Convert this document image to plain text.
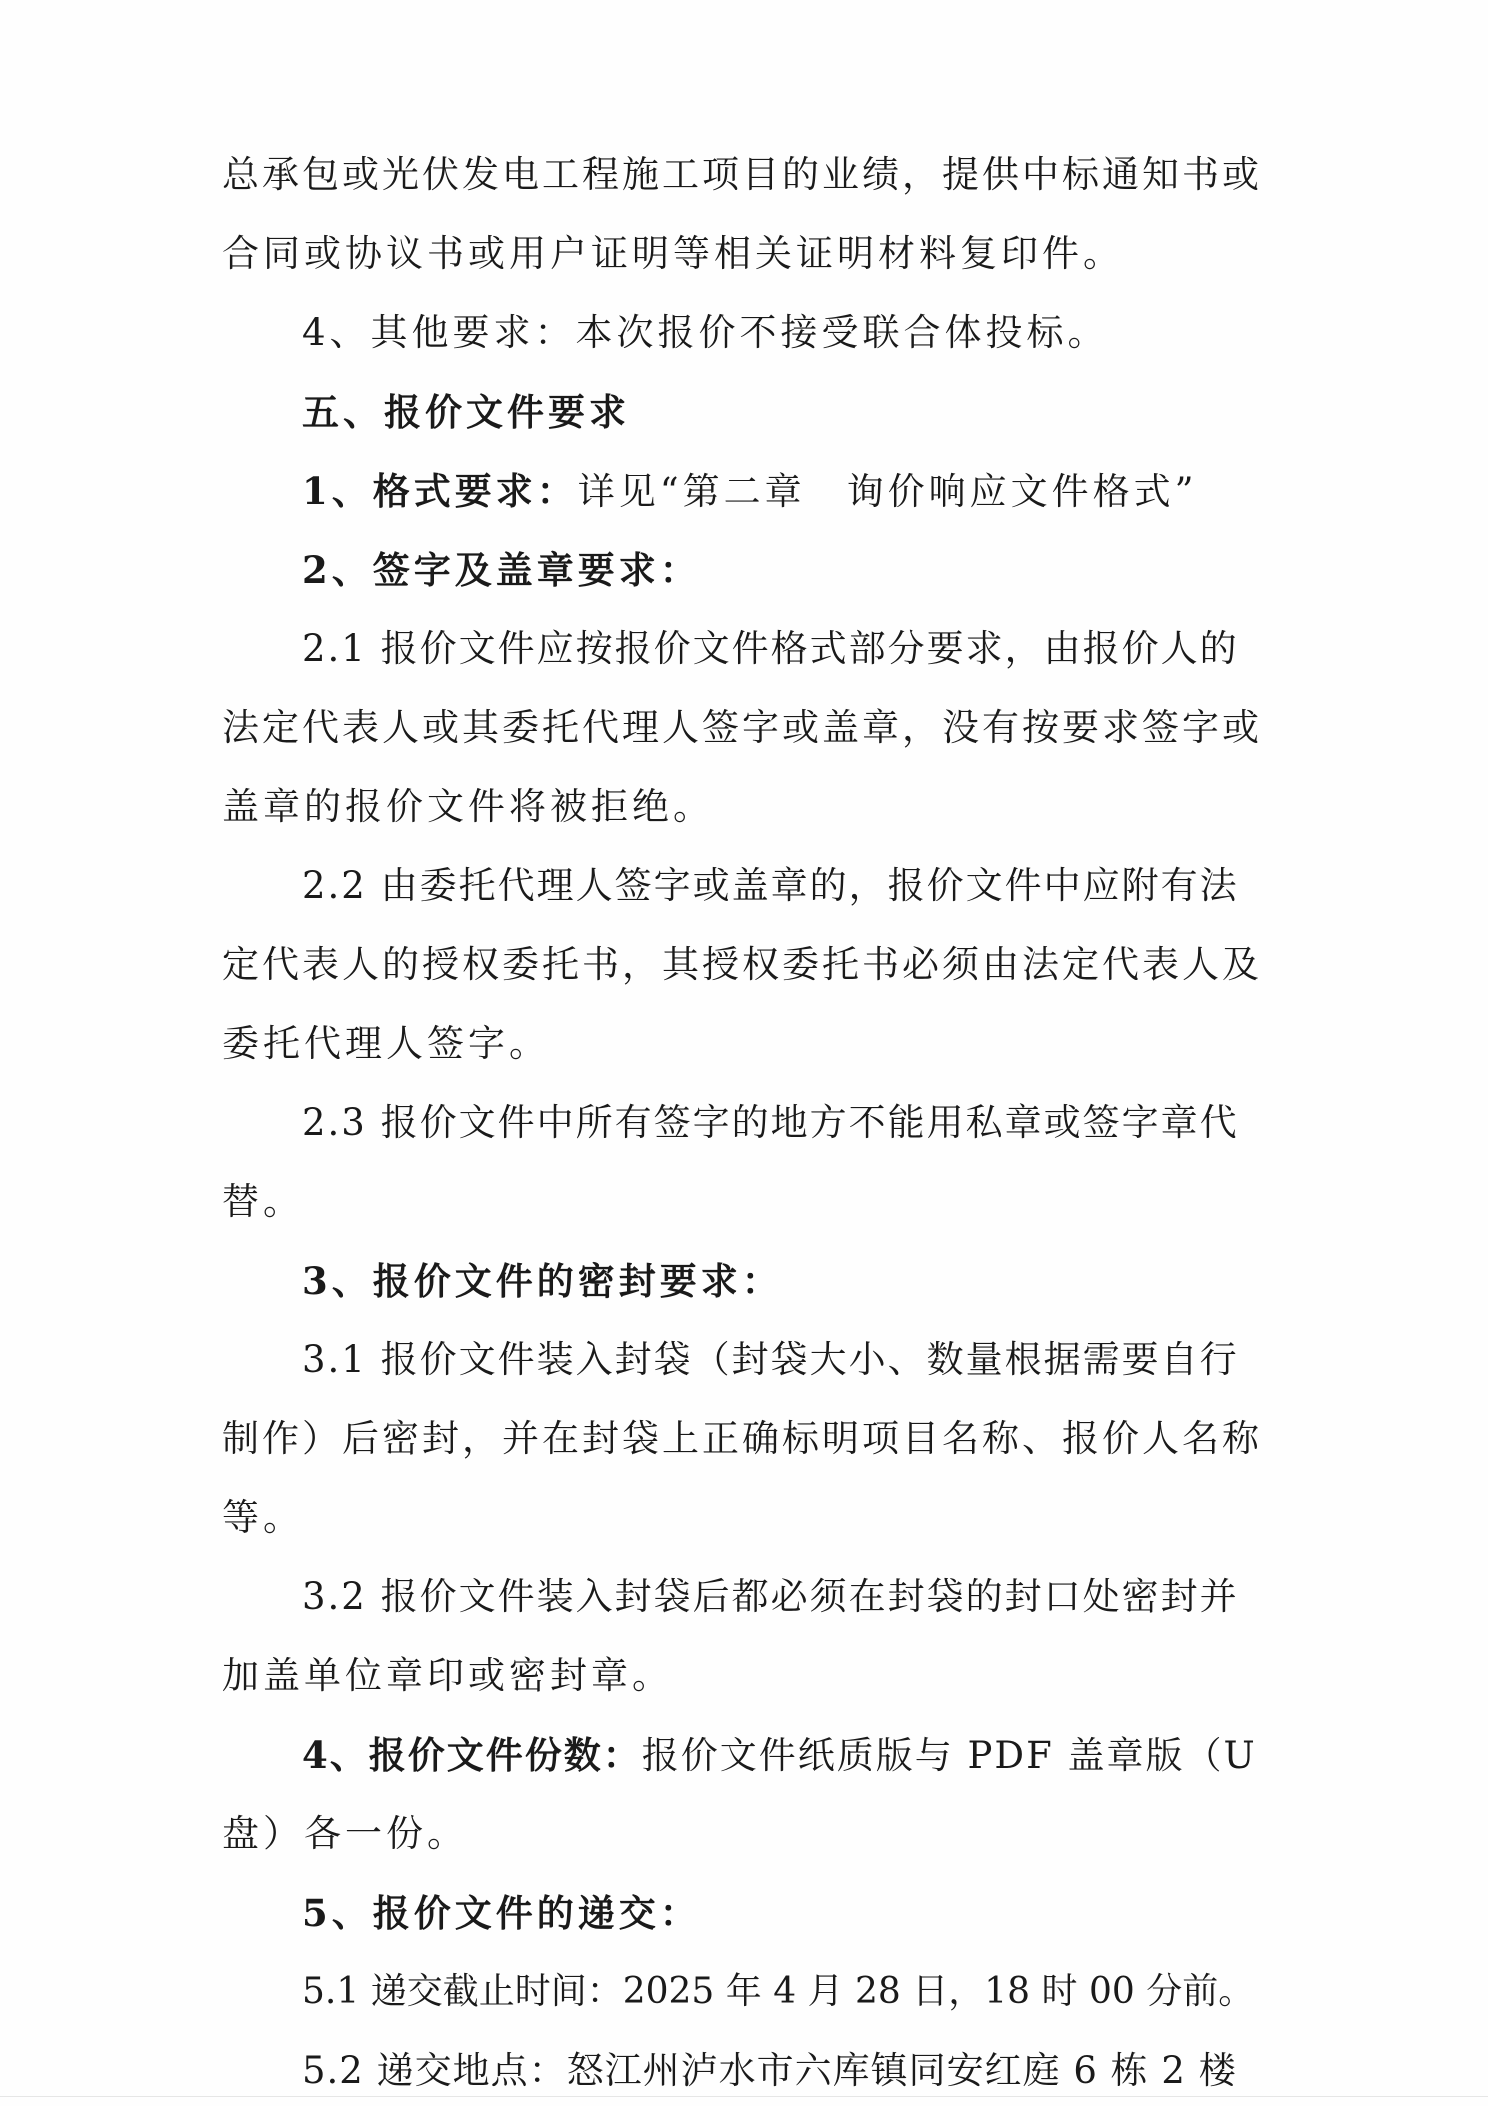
总承包或光伏发电工程施工项目的业绩，提供中标通知书或
合同或协议书或用户证明等相关证明材料复印件。
4、其他要求：本次报价不接受联合体投标。
五、报价文件要求
1、格式要求：详见“第二章　询价响应文件格式”
2、签字及盖章要求：
2.1 报价文件应按报价文件格式部分要求，由报价人的
法定代表人或其委托代理人签字或盖章，没有按要求签字或
盖章的报价文件将被拒绝。
2.2 由委托代理人签字或盖章的，报价文件中应附有法
定代表人的授权委托书，其授权委托书必须由法定代表人及
委托代理人签字。
2.3 报价文件中所有签字的地方不能用私章或签字章代
替。
3、报价文件的密封要求：
3.1 报价文件装入封袋（封袋大小、数量根据需要自行
制作）后密封，并在封袋上正确标明项目名称、报价人名称
等。
3.2 报价文件装入封袋后都必须在封袋的封口处密封并
加盖单位章印或密封章。
4、报价文件份数：报价文件纸质版与 PDF 盖章版（U
盘）各一份。
5、报价文件的递交：
5.1 递交截止时间：2025 年 4 月 28 日，18 时 00 分前。
5.2 递交地点：怒江州泸水市六库镇同安红庭 6 栋 2 楼
